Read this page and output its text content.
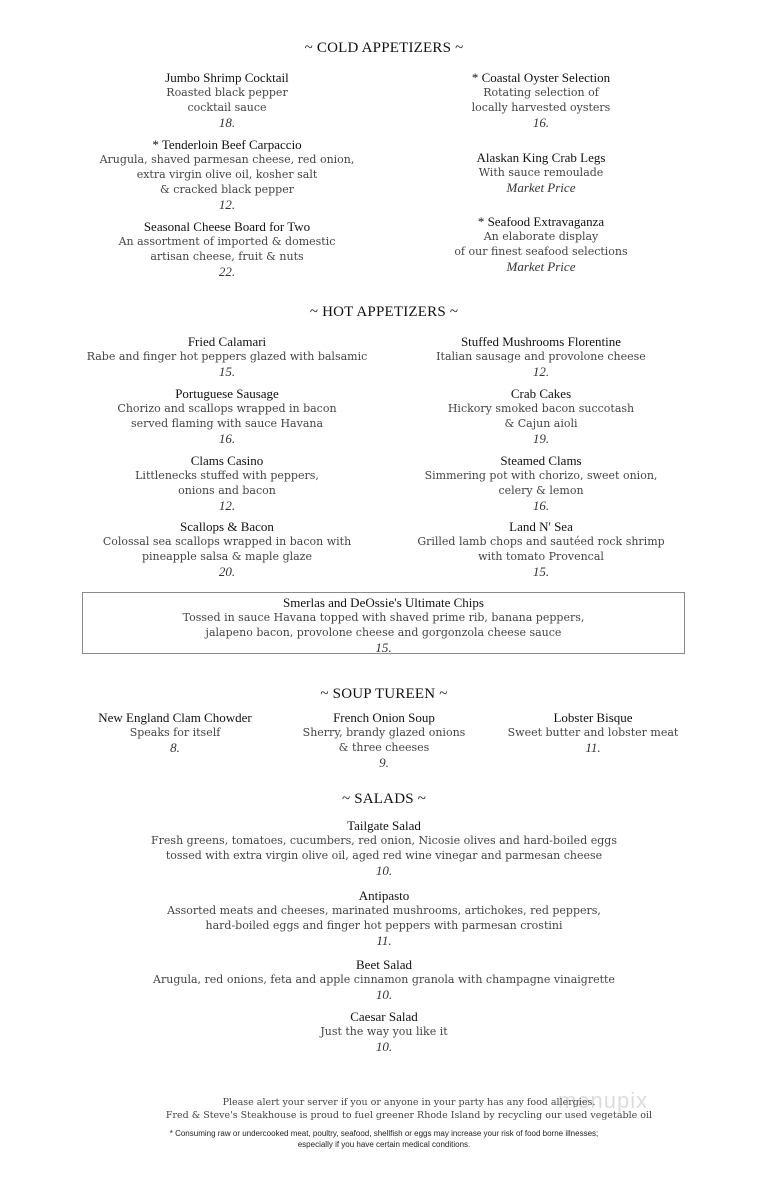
~ COLD APPETIZERS ~
Jumbo Shrimp Cocktail
Roasted black pepper
cocktail sauce
18.
* Tenderloin Beef Carpaccio
Arugula, shaved parmesan cheese, red onion,
extra virgin olive oil, kosher salt
& cracked black pepper
12.
Seasonal Cheese Board for Two
An assortment of imported & domestic
artisan cheese, fruit & nuts
22.
* Coastal Oyster Selection
Rotating selection of
locally harvested oysters
16.
Alaskan King Crab Legs
With sauce remoulade
Market Price
* Seafood Extravaganza
An elaborate display
of our finest seafood selections
Market Price
~ HOT APPETIZERS ~
Fried Calamari
Rabe and finger hot peppers glazed with balsamic
15.
Portuguese Sausage
Chorizo and scallops wrapped in bacon
served flaming with sauce Havana
16.
Clams Casino
Littlenecks stuffed with peppers,
onions and bacon
12.
Scallops & Bacon
Colossal sea scallops wrapped in bacon with
pineapple salsa & maple glaze
20.
Stuffed Mushrooms Florentine
Italian sausage and provolone cheese
12.
Crab Cakes
Hickory smoked bacon succotash
& Cajun aioli
19.
Steamed Clams
Simmering pot with chorizo, sweet onion,
celery & lemon
16.
Land N' Sea
Grilled lamb chops and sautéed rock shrimp
with tomato Provencal
15.
Smerlas and DeOssie's Ultimate Chips
Tossed in sauce Havana topped with shaved prime rib, banana peppers,
jalapeno bacon, provolone cheese and gorgonzola cheese sauce
15.
~ SOUP TUREEN ~
New England Clam Chowder
Speaks for itself
8.
French Onion Soup
Sherry, brandy glazed onions
& three cheeses
9.
Lobster Bisque
Sweet butter and lobster meat
11.
~ SALADS ~
Tailgate Salad
Fresh greens, tomatoes, cucumbers, red onion, Nicosie olives and hard-boiled eggs
tossed with extra virgin olive oil, aged red wine vinegar and parmesan cheese
10.
Antipasto
Assorted meats and cheeses, marinated mushrooms, artichokes, red peppers,
hard-boiled eggs and finger hot peppers with parmesan crostini
11.
Beet Salad
Arugula, red onions, feta and apple cinnamon granola with champagne vinaigrette
10.
Caesar Salad
Just the way you like it
10.
menupix
Please alert your server if you or anyone in your party has any food allergies.
Fred & Steve's Steakhouse is proud to fuel greener Rhode Island by recycling our used vegetable oil
* Consuming raw or undercooked meat, poultry, seafood, shellfish or eggs may increase your risk of food borne illnesses;
especially if you have certain medical conditions.
